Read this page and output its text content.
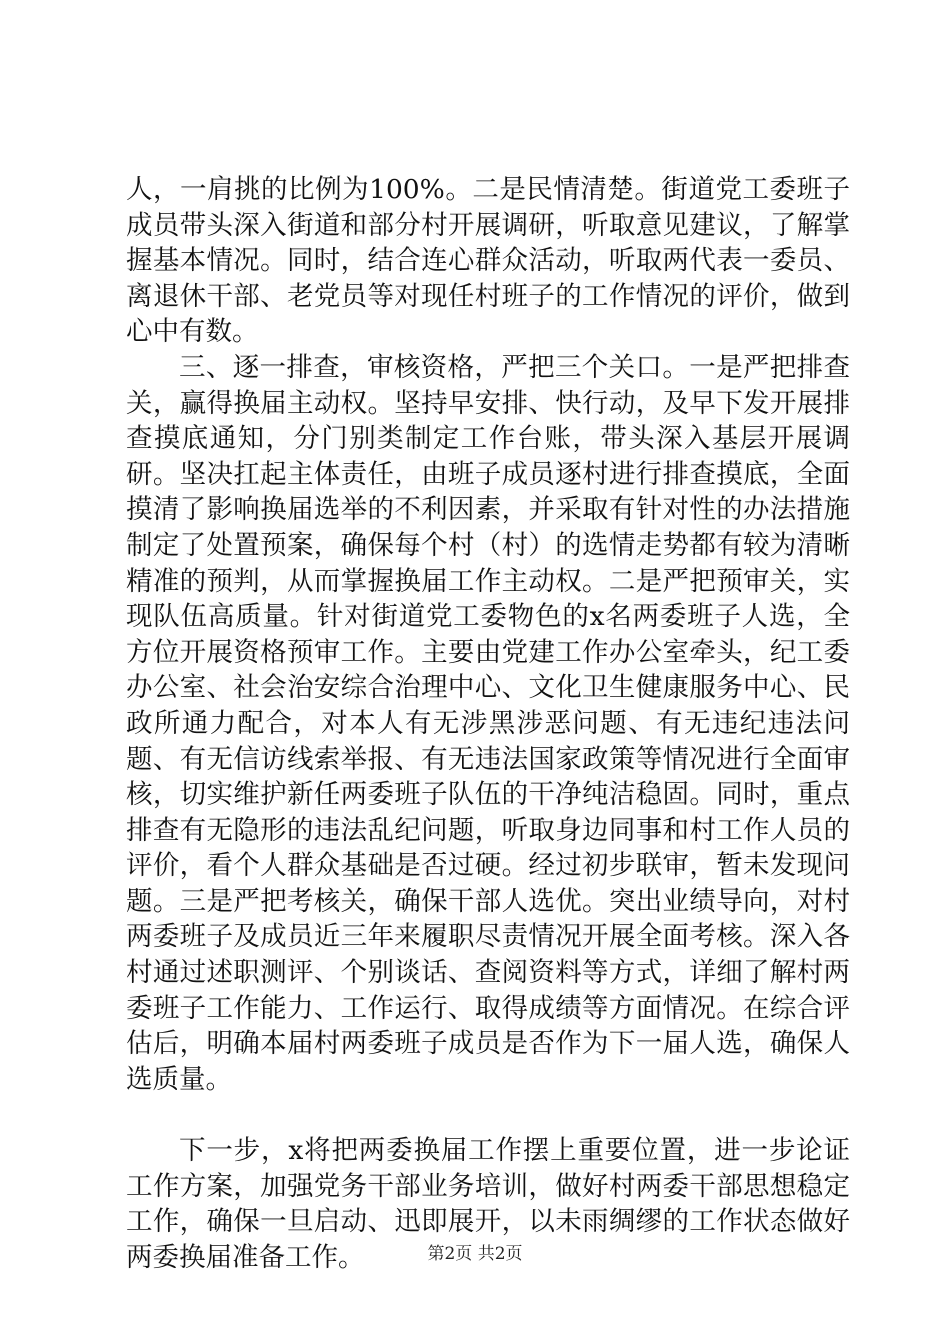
人，一肩挑的比例为100%。二是民情清楚。街道党工委班子成员带头深入街道和部分村开展调研，听取意见建议，了解掌握基本情况。同时，结合连心群众活动，听取两代表一委员、离退休干部、老党员等对现任村班子的工作情况的评价，做到心中有数。

三、逐一排查，审核资格，严把三个关口。一是严把排查关，赢得换届主动权。坚持早安排、快行动，及早下发开展排查摸底通知，分门别类制定工作台账，带头深入基层开展调研。坚决扛起主体责任，由班子成员逐村进行排查摸底，全面摸清了影响换届选举的不利因素，并采取有针对性的办法措施制定了处置预案，确保每个村（村）的选情走势都有较为清晰精准的预判，从而掌握换届工作主动权。二是严把预审关，实现队伍高质量。针对街道党工委物色的x名两委班子人选，全方位开展资格预审工作。主要由党建工作办公室牵头，纪工委办公室、社会治安综合治理中心、文化卫生健康服务中心、民政所通力配合，对本人有无涉黑涉恶问题、有无违纪违法问题、有无信访线索举报、有无违法国家政策等情况进行全面审核，切实维护新任两委班子队伍的干净纯洁稳固。同时，重点排查有无隐形的违法乱纪问题，听取身边同事和村工作人员的评价，看个人群众基础是否过硬。经过初步联审，暂未发现问题。三是严把考核关，确保干部人选优。突出业绩导向，对村两委班子及成员近三年来履职尽责情况开展全面考核。深入各村通过述职测评、个别谈话、查阅资料等方式，详细了解村两委班子工作能力、工作运行、取得成绩等方面情况。在综合评估后，明确本届村两委班子成员是否作为下一届人选，确保人选质量。

下一步，x将把两委换届工作摆上重要位置，进一步论证工作方案，加强党务干部业务培训，做好村两委干部思想稳定工作，确保一旦启动、迅即展开，以未雨绸缪的工作状态做好两委换届准备工作。	第2页 共2页
